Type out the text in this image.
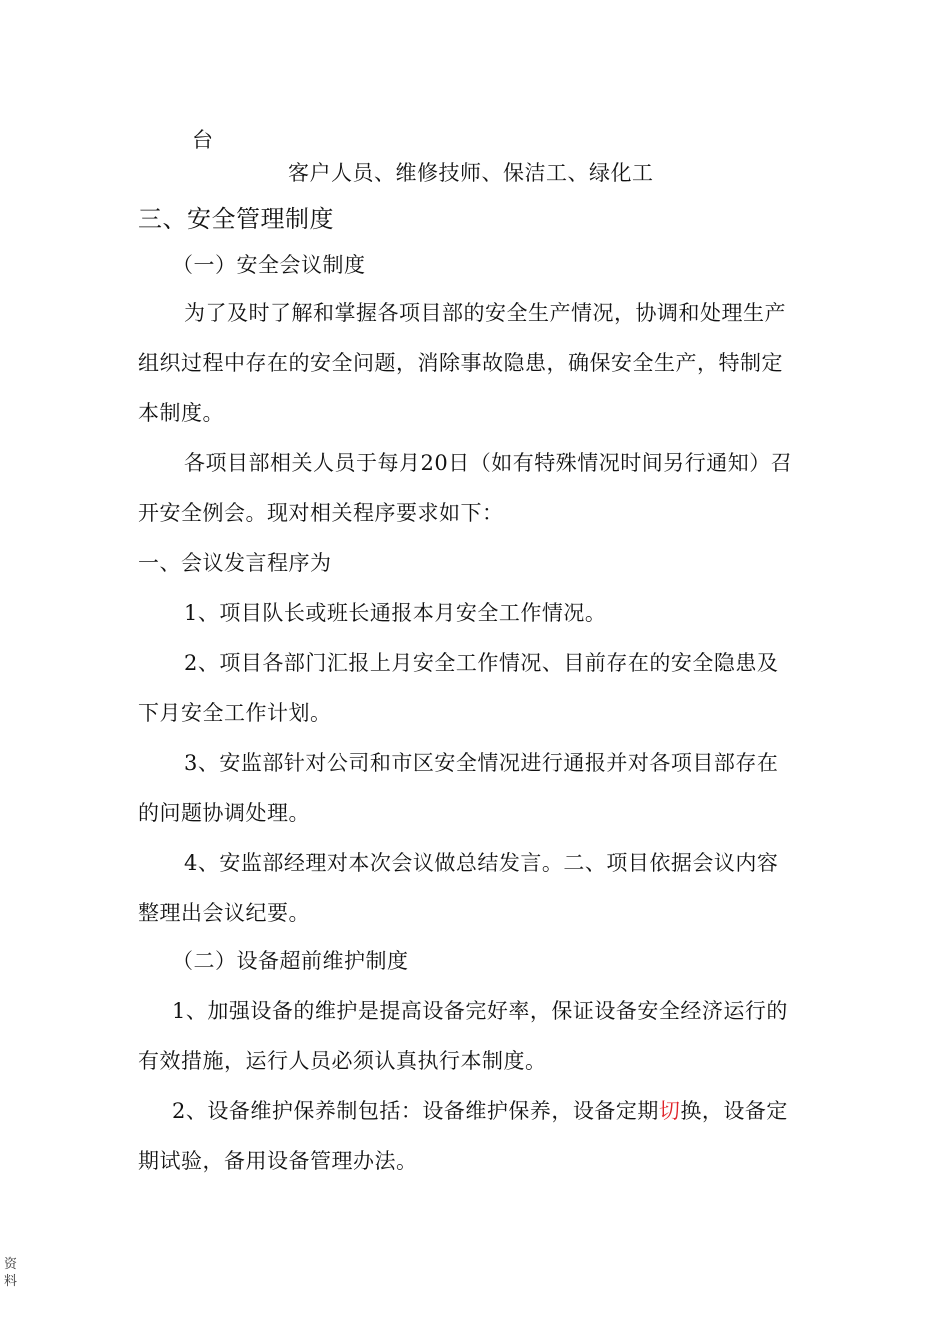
台
客户人员、维修技师、保洁工、绿化工
三、安全管理制度
（一）安全会议制度
为了及时了解和掌握各项目部的安全生产情况，协调和处理生产
组织过程中存在的安全问题，消除事故隐患，确保安全生产，特制定
本制度。
各项目部相关人员于每月20日（如有特殊情况时间另行通知）召
开安全例会。现对相关程序要求如下：
一、会议发言程序为
1、项目队长或班长通报本月安全工作情况。
2、项目各部门汇报上月安全工作情况、目前存在的安全隐患及
下月安全工作计划。
3、安监部针对公司和市区安全情况进行通报并对各项目部存在
的问题协调处理。
4、安监部经理对本次会议做总结发言。二、项目依据会议内容
整理出会议纪要。
（二）设备超前维护制度
1、加强设备的维护是提高设备完好率，保证设备安全经济运行的
有效措施，运行人员必须认真执行本制度。
2、设备维护保养制包括：设备维护保养，设备定期切换，设备定
期试验，备用设备管理办法。
资
料
